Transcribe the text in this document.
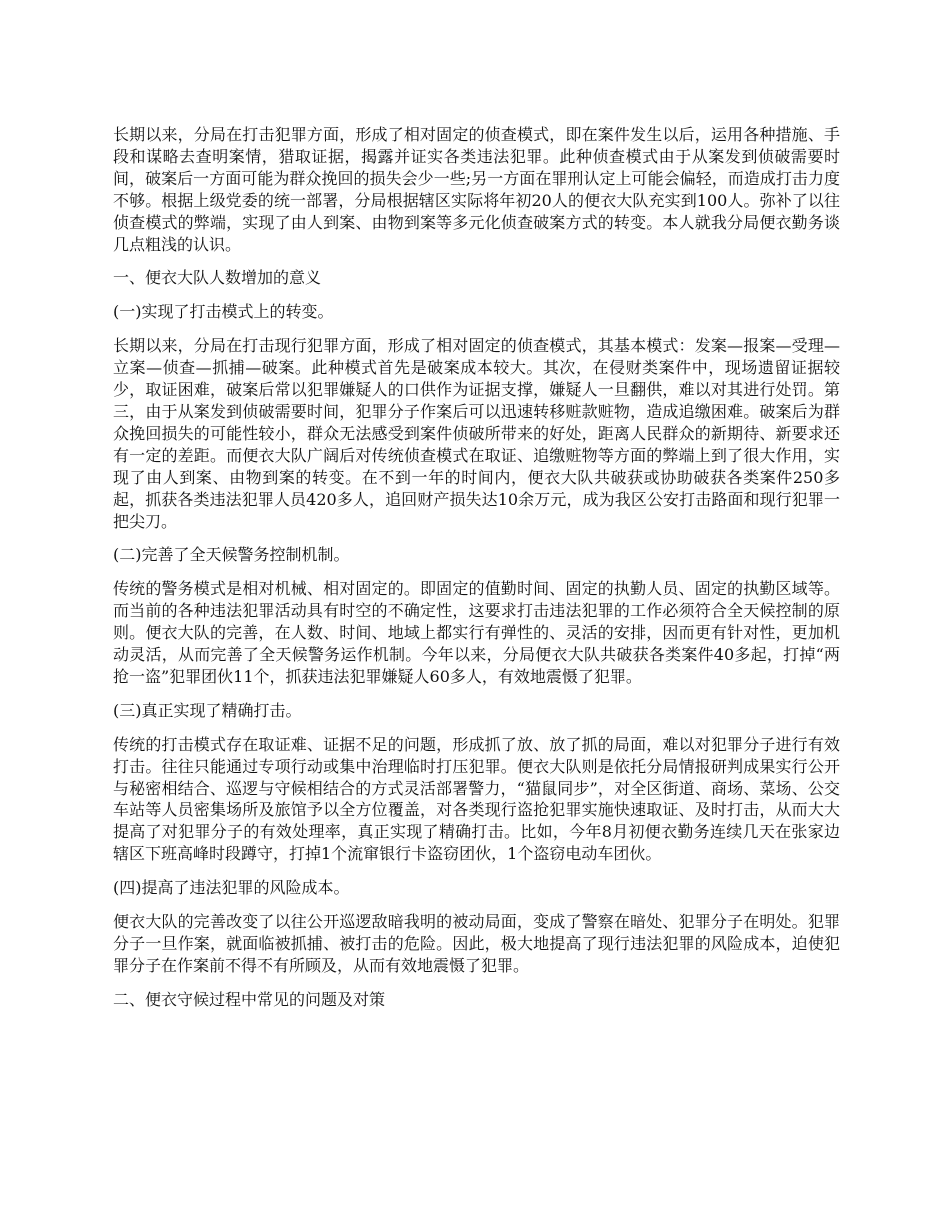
长期以来，分局在打击犯罪方面，形成了相对固定的侦查模式，即在案件发生以后，运用各种措施、手段和谋略去查明案情，猎取证据，揭露并证实各类违法犯罪。此种侦查模式由于从案发到侦破需要时间，破案后一方面可能为群众挽回的损失会少一些;另一方面在罪刑认定上可能会偏轻，而造成打击力度不够。根据上级党委的统一部署，分局根据辖区实际将年初20人的便衣大队充实到100人。弥补了以往侦查模式的弊端，实现了由人到案、由物到案等多元化侦查破案方式的转变。本人就我分局便衣勤务谈几点粗浅的认识。

一、便衣大队人数增加的意义

(一)实现了打击模式上的转变。

长期以来，分局在打击现行犯罪方面，形成了相对固定的侦查模式，其基本模式：发案—报案—受理—立案—侦查—抓捕—破案。此种模式首先是破案成本较大。其次，在侵财类案件中，现场遗留证据较少，取证困难，破案后常以犯罪嫌疑人的口供作为证据支撑，嫌疑人一旦翻供，难以对其进行处罚。第三，由于从案发到侦破需要时间，犯罪分子作案后可以迅速转移赃款赃物，造成追缴困难。破案后为群众挽回损失的可能性较小，群众无法感受到案件侦破所带来的好处，距离人民群众的新期待、新要求还有一定的差距。而便衣大队广阔后对传统侦查模式在取证、追缴赃物等方面的弊端上到了很大作用，实现了由人到案、由物到案的转变。在不到一年的时间内，便衣大队共破获或协助破获各类案件250多起，抓获各类违法犯罪人员420多人，追回财产损失达10余万元，成为我区公安打击路面和现行犯罪一把尖刀。

(二)完善了全天候警务控制机制。

传统的警务模式是相对机械、相对固定的。即固定的值勤时间、固定的执勤人员、固定的执勤区域等。而当前的各种违法犯罪活动具有时空的不确定性，这要求打击违法犯罪的工作必须符合全天候控制的原则。便衣大队的完善，在人数、时间、地域上都实行有弹性的、灵活的安排，因而更有针对性，更加机动灵活，从而完善了全天候警务运作机制。今年以来，分局便衣大队共破获各类案件40多起，打掉“两抢一盗”犯罪团伙11个，抓获违法犯罪嫌疑人60多人，有效地震慑了犯罪。

(三)真正实现了精确打击。

传统的打击模式存在取证难、证据不足的问题，形成抓了放、放了抓的局面，难以对犯罪分子进行有效打击。往往只能通过专项行动或集中治理临时打压犯罪。便衣大队则是依托分局情报研判成果实行公开与秘密相结合、巡逻与守候相结合的方式灵活部署警力，“猫鼠同步”，对全区街道、商场、菜场、公交车站等人员密集场所及旅馆予以全方位覆盖，对各类现行盗抢犯罪实施快速取证、及时打击，从而大大提高了对犯罪分子的有效处理率，真正实现了精确打击。比如，今年8月初便衣勤务连续几天在张家边辖区下班高峰时段蹲守，打掉1个流窜银行卡盗窃团伙，1个盗窃电动车团伙。

(四)提高了违法犯罪的风险成本。

便衣大队的完善改变了以往公开巡逻敌暗我明的被动局面，变成了警察在暗处、犯罪分子在明处。犯罪分子一旦作案，就面临被抓捕、被打击的危险。因此，极大地提高了现行违法犯罪的风险成本，迫使犯罪分子在作案前不得不有所顾及，从而有效地震慑了犯罪。

二、便衣守候过程中常见的问题及对策
